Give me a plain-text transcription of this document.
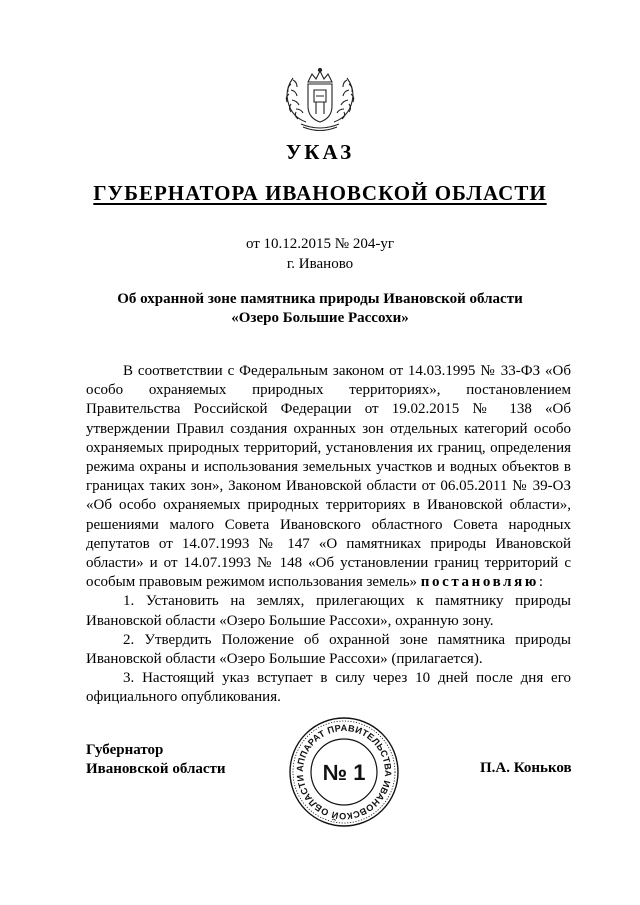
УКАЗ
ГУБЕРНАТОРА ИВАНОВСКОЙ ОБЛАСТИ
от 10.12.2015 № 204-уг
г. Иваново
Об охранной зоне памятника природы Ивановской области
«Озеро Большие Рассохи»

В соответствии с Федеральным законом от 14.03.1995 № 33-ФЗ «Об особо охраняемых природных территориях», постановлением Правительства Российской Федерации от 19.02.2015 № 138 «Об утверждении Правил создания охранных зон отдельных категорий особо охраняемых природных территорий, установления их границ, определения режима охраны и использования земельных участков и водных объектов в границах таких зон», Законом Ивановской области от 06.05.2011 № 39-ОЗ «Об особо охраняемых природных территориях в Ивановской области», решениями малого Совета Ивановского областного Совета народных депутатов от 14.07.1993 № 147 «О памятниках природы Ивановской области» и от 14.07.1993 № 148 «Об установлении границ территорий с особым правовым режимом использования земель» постановляю:

1. Установить на землях, прилегающих к памятнику природы Ивановской области «Озеро Большие Рассохи», охранную зону.

2. Утвердить Положение об охранной зоне памятника природы Ивановской области «Озеро Большие Рассохи» (прилагается).

3. Настоящий указ вступает в силу через 10 дней после дня его официального опубликования.

Губернатор
Ивановской области	АППАРАТ ПРАВИТЕЛЬСТВА ИВАНОВСКОЙ ОБЛАСТИ № 1	П.А. Коньков
